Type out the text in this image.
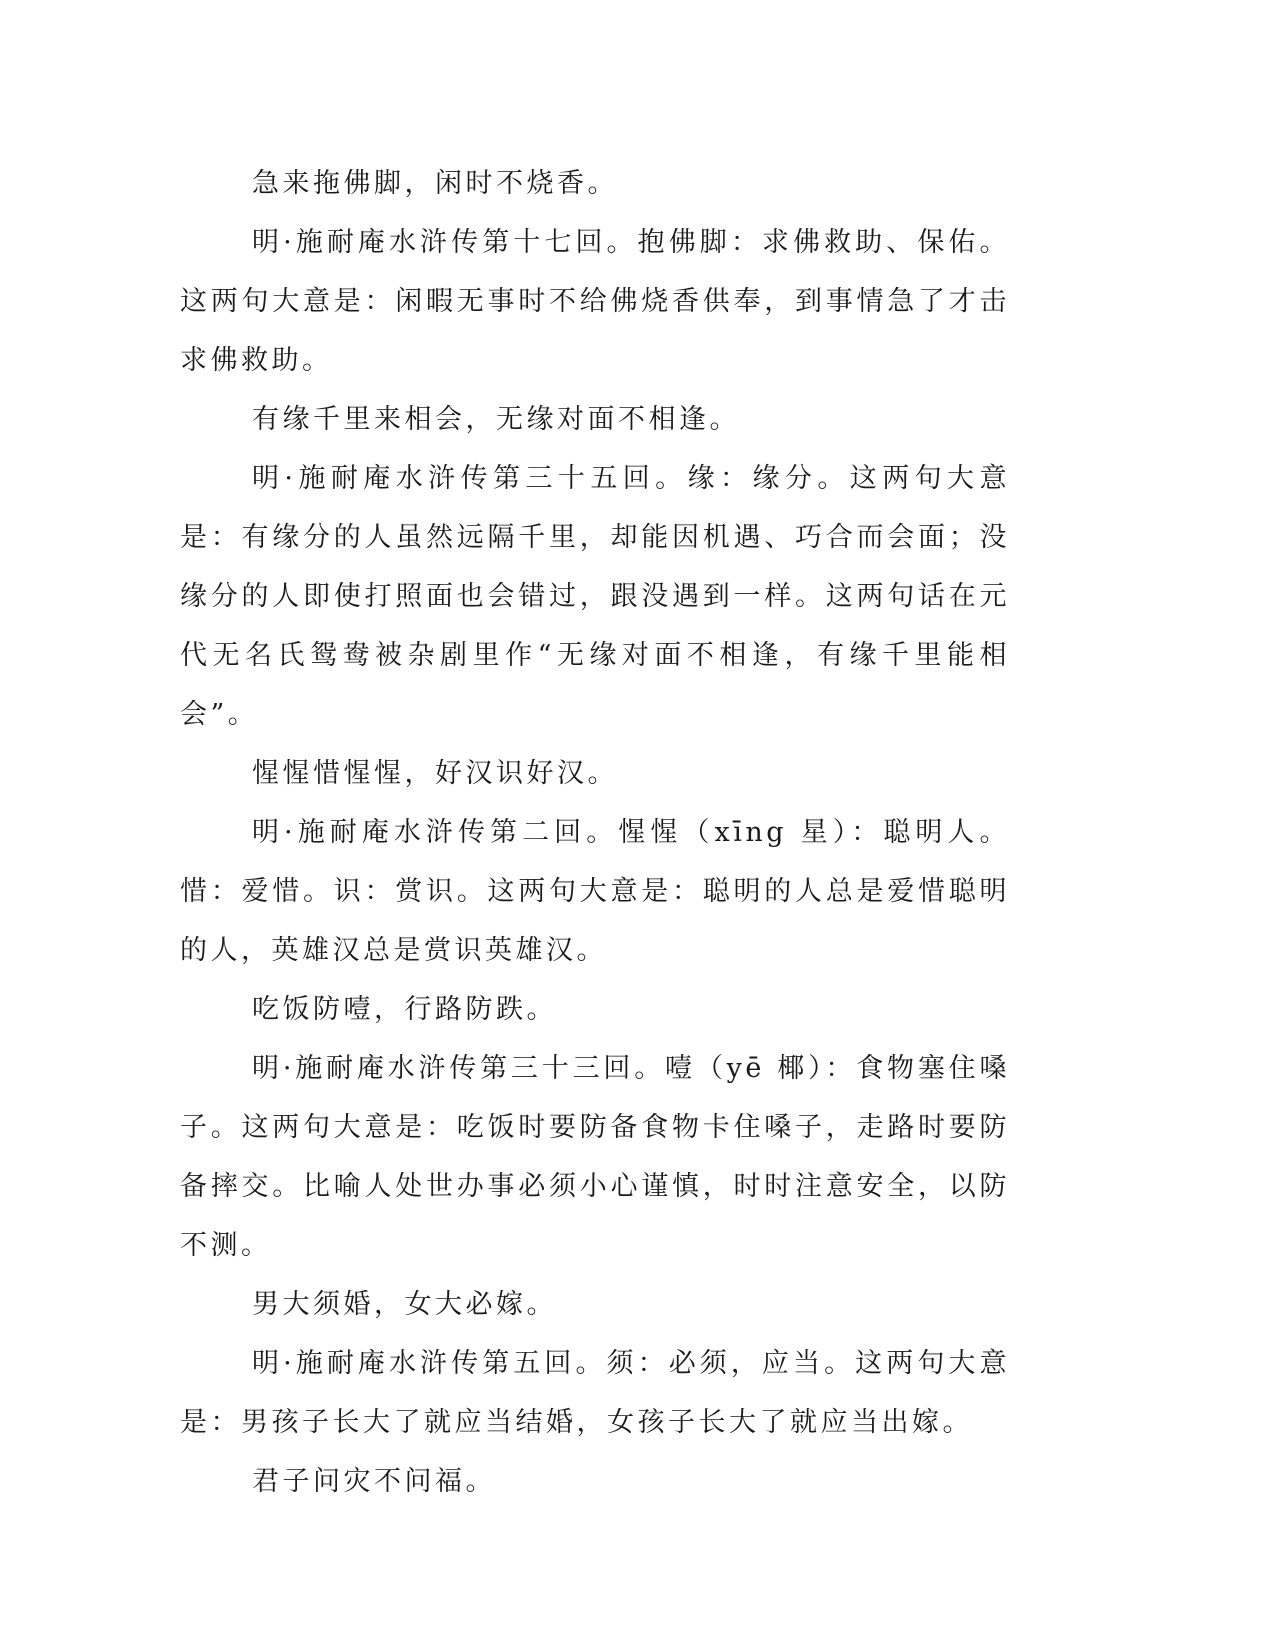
急来拖佛脚，闲时不烧香。

明·施耐庵水浒传第十七回。抱佛脚：求佛救助、保佑。这两句大意是：闲暇无事时不给佛烧香供奉，到事情急了才击求佛救助。

有缘千里来相会，无缘对面不相逢。

明·施耐庵水浒传第三十五回。缘：缘分。这两句大意是：有缘分的人虽然远隔千里，却能因机遇、巧合而会面；没缘分的人即使打照面也会错过，跟没遇到一样。这两句话在元代无名氏鸳鸯被杂剧里作“无缘对面不相逢，有缘千里能相会”。

惺惺惜惺惺，好汉识好汉。

明·施耐庵水浒传第二回。惺惺（xīng 星）：聪明人。惜：爱惜。识：赏识。这两句大意是：聪明的人总是爱惜聪明的人，英雄汉总是赏识英雄汉。

吃饭防噎，行路防跌。

明·施耐庵水浒传第三十三回。噎（yē 椰）：食物塞住嗓子。这两句大意是：吃饭时要防备食物卡住嗓子，走路时要防备摔交。比喻人处世办事必须小心谨慎，时时注意安全，以防不测。

男大须婚，女大必嫁。

明·施耐庵水浒传第五回。须：必须，应当。这两句大意是：男孩子长大了就应当结婚，女孩子长大了就应当出嫁。

君子问灾不问福。
